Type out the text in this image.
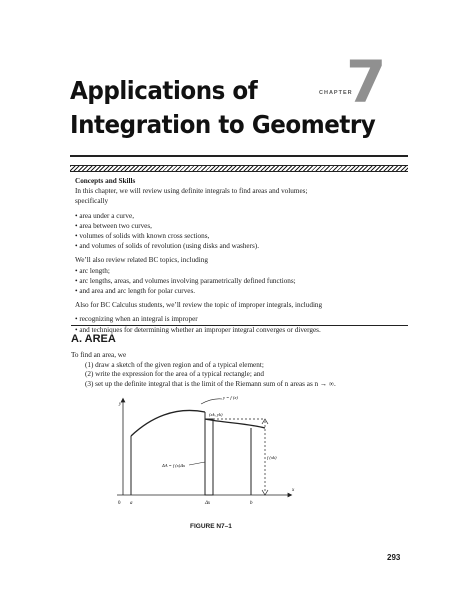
Applications of
Integration to Geometry
CHAPTER
7
Concepts and Skills
In this chapter, we will review using definite integrals to find areas and volumes;
specifically
• area under a curve,
• area between two curves,
• volumes of solids with known cross sections,
• and volumes of solids of revolution (using disks and washers).
We’ll also review related BC topics, including
• arc length;
• arc lengths, areas, and volumes involving parametrically defined functions;
• and area and arc length for polar curves.
Also for BC Calculus students, we’ll review the topic of improper integrals, including
• recognizing when an integral is improper
• and techniques for determining whether an improper integral converges or diverges.
A. AREA
To find an area, we
(1) draw a sketch of the given region and of a typical element;
(2) write the expression for the area of a typical rectangle; and
(3) set up the definite integral that is the limit of the Riemann sum of n areas as n → ∞.
y
x
y = f (x)
(xk, yk)
ΔA = f (x)Δx
f (xk)
0 a	Δx	b
FIGURE N7–1
293
